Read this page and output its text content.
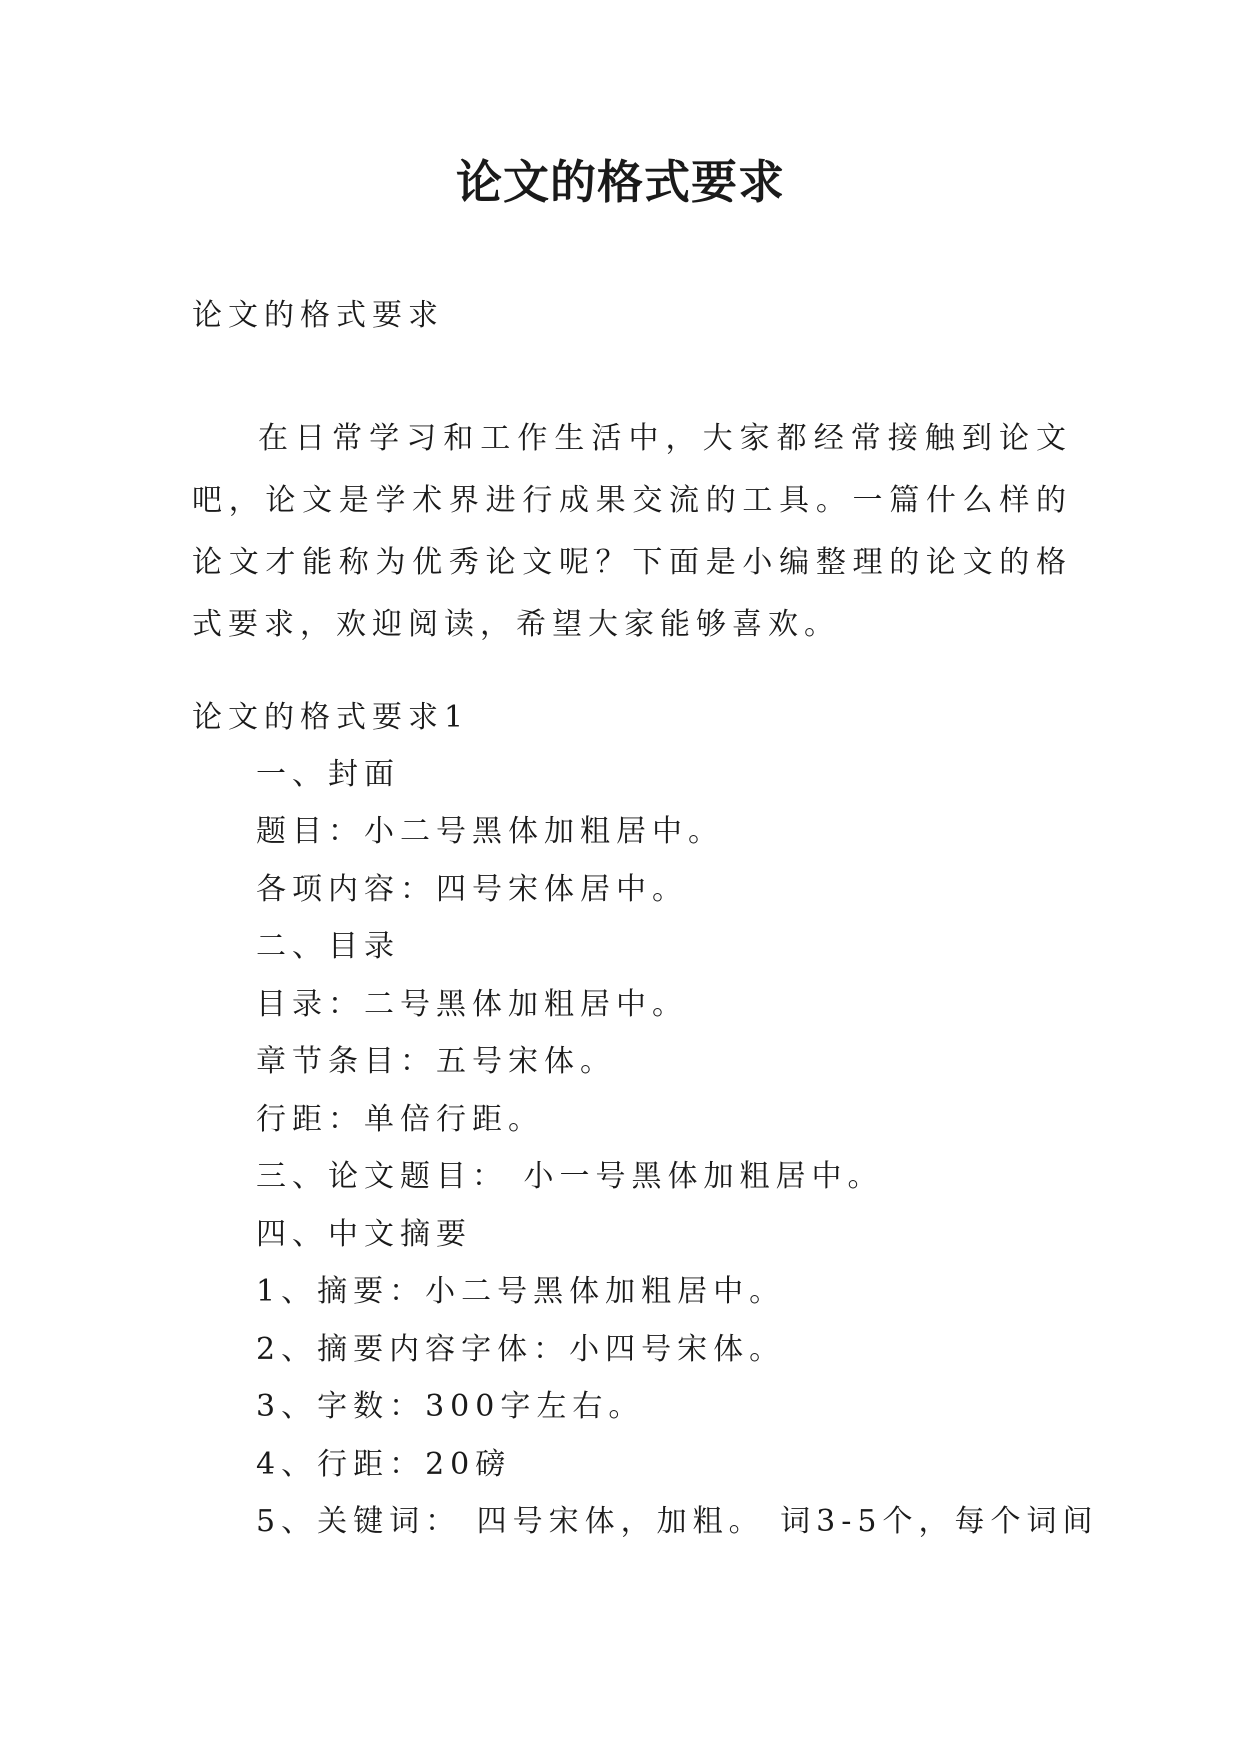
论文的格式要求

论文的格式要求

在日常学习和工作生活中，大家都经常接触到论文吧，论文是学术界进行成果交流的工具。一篇什么样的论文才能称为优秀论文呢？下面是小编整理的论文的格式要求，欢迎阅读，希望大家能够喜欢。

论文的格式要求1

一、封面

题目：小二号黑体加粗居中。

各项内容：四号宋体居中。

二、目录

目录：二号黑体加粗居中。

章节条目：五号宋体。

行距：单倍行距。

三、论文题目： 小一号黑体加粗居中。

四、中文摘要

1、摘要：小二号黑体加粗居中。

2、摘要内容字体：小四号宋体。

3、字数：300字左右。

4、行距：20磅

5、关键词： 四号宋体，加粗。 词3-5个，每个词间
